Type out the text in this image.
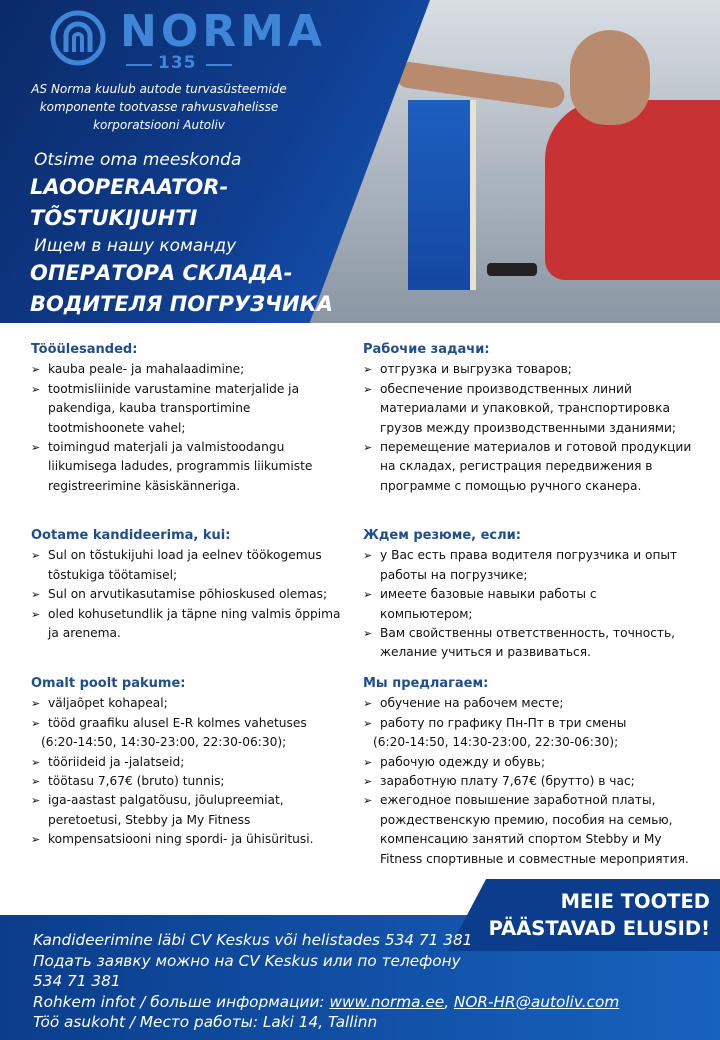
NORMA
135
AS Norma kuulub autode turvasüsteemide komponente tootvasse rahvusvahelisse korporatsiooni Autoliv
Otsime oma meeskonda
LAOOPERAATOR-
TÕSTUKIJUHTI
Ищем в нашу команду
ОПЕРАТОРА СКЛАДА-
ВОДИТЕЛЯ ПОГРУЗЧИКА
Tööülesanded:
➢ kauba peale- ja mahalaadimine;
➢ tootmisliinide varustamine materjalide ja pakendiga, kauba transportimine tootmishoonete vahel;
➢ toimingud materjali ja valmistoodangu liikumisega ladudes, programmis liikumiste registreerimine käsiskänneriga.
Ootame kandideerima, kui:
➢ Sul on tõstukijuhi load ja eelnev töökogemus tõstukiga töötamisel;
➢ Sul on arvutikasutamise põhioskused olemas;
➢ oled kohusetundlik ja täpne ning valmis õppima ja arenema.
Omalt poolt pakume:
➢ väljaõpet kohapeal;
➢ tööd graafiku alusel E-R kolmes vahetuses
(6:20-14:50, 14:30-23:00, 22:30-06:30);
➢ tööriideid ja -jalatseid;
➢ töötasu 7,67€ (bruto) tunnis;
➢ iga-aastast palgatõusu, jõulupreemiat, peretoetusi, Stebby ja My Fitness
➢ kompensatsiooni ning spordi- ja ühisüritusi.
Рабочие задачи:
➢ отгрузка и выгрузка товаров;
➢ обеспечение производственных линий материалами и упаковкой, транспортировка грузов между производственными зданиями;
➢ перемещение материалов и готовой продукции на складах, регистрация передвижения в программе с помощью ручного сканера.
Ждем резюме, если:
➢ у Вас есть права водителя погрузчика и опыт работы на погрузчике;
➢ имеете базовые навыки работы с компьютером;
➢ Вам свойственны ответственность, точность, желание учиться и развиваться.
Мы предлагаем:
➢ обучение на рабочем месте;
➢ работу по графику Пн-Пт в три смены
(6:20-14:50, 14:30-23:00, 22:30-06:30);
➢ рабочую одежду и обувь;
➢ заработную плату 7,67€ (брутто) в час;
➢ ежегодное повышение заработной платы, рождественскую премию, пособия на семью, компенсацию занятий спортом Stebby и My Fitness спортивные и совместные мероприятия.
MEIE TOOTED
PÄÄSTAVAD ELUSID!
Kandideerimine läbi CV Keskus või helistades 534 71 381
Подать заявку можно на CV Keskus или по телефону
534 71 381
Rohkem infot / больше информации: www.norma.ee, NOR-HR@autoliv.com
Töö asukoht / Место работы: Laki 14, Tallinn
